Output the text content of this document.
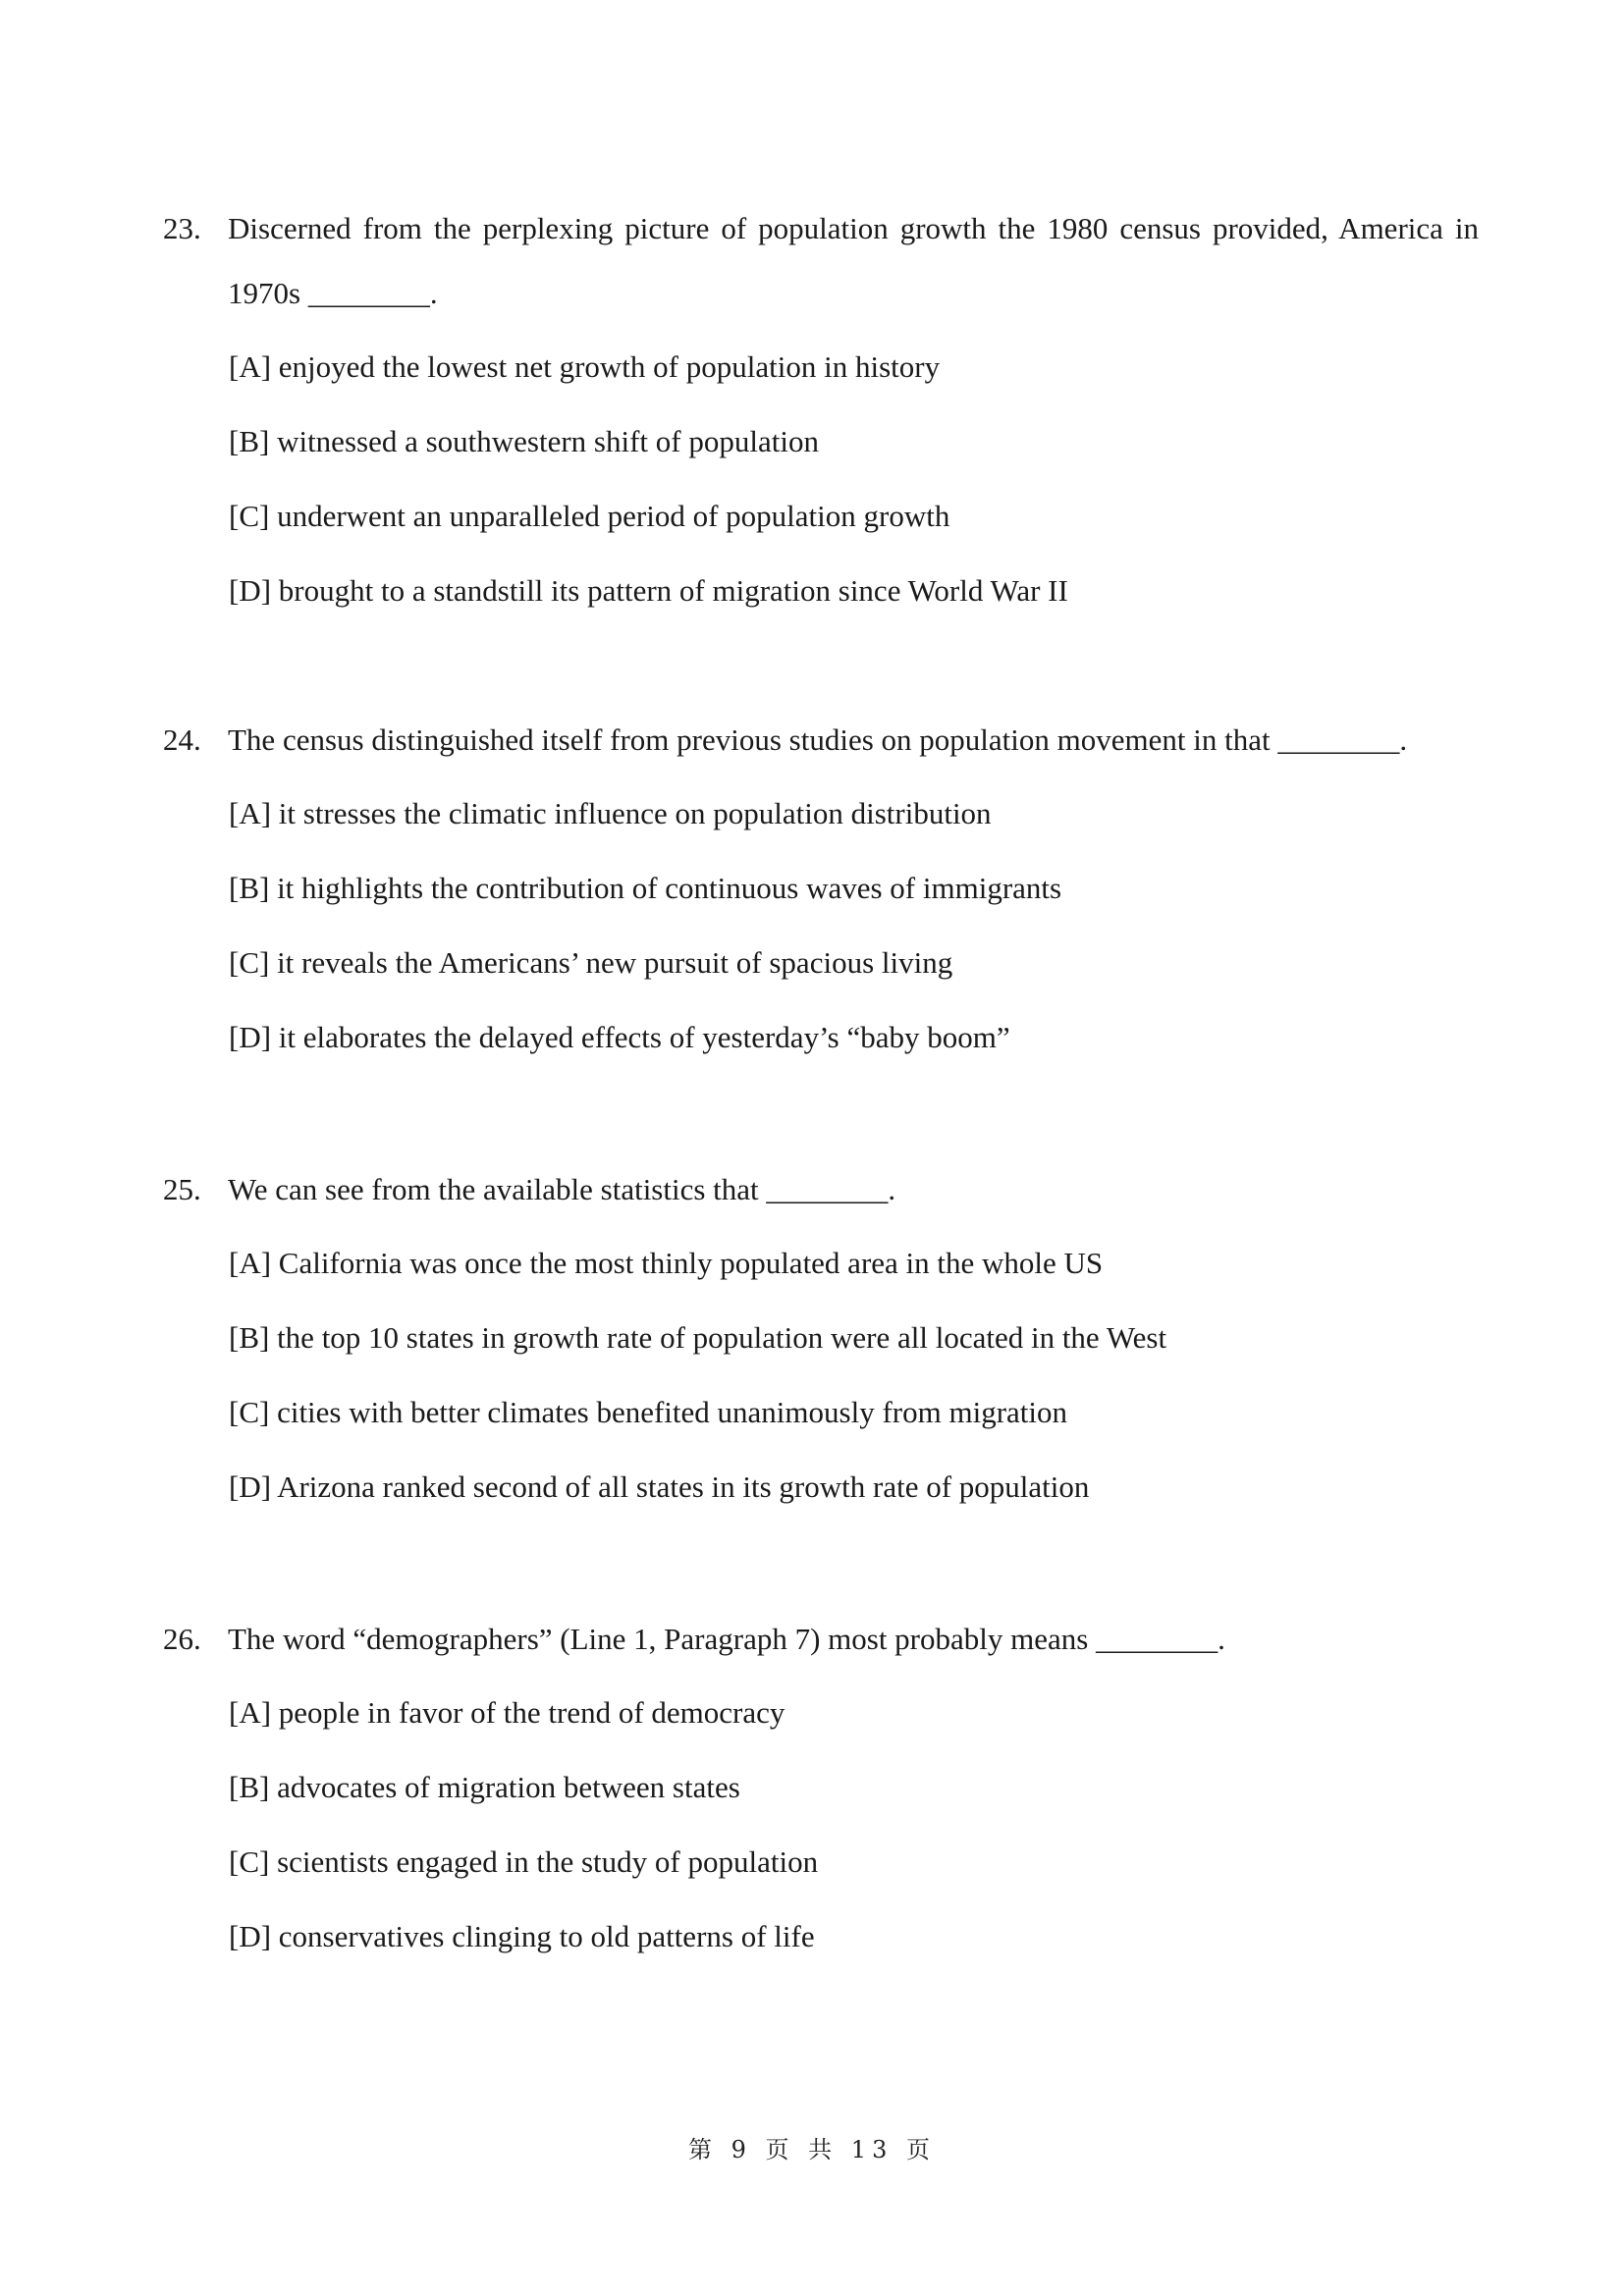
23. Discerned from the perplexing picture of population growth the 1980 census provided, America in 1970s ________.
[A] enjoyed the lowest net growth of population in history
[B] witnessed a southwestern shift of population
[C] underwent an unparalleled period of population growth
[D] brought to a standstill its pattern of migration since World War II
24. The census distinguished itself from previous studies on population movement in that ________.
[A] it stresses the climatic influence on population distribution
[B] it highlights the contribution of continuous waves of immigrants
[C] it reveals the Americans’ new pursuit of spacious living
[D] it elaborates the delayed effects of yesterday’s “baby boom”
25. We can see from the available statistics that ________.
[A] California was once the most thinly populated area in the whole US
[B] the top 10 states in growth rate of population were all located in the West
[C] cities with better climates benefited unanimously from migration
[D] Arizona ranked second of all states in its growth rate of population
26. The word “demographers” (Line 1, Paragraph 7) most probably means ________.
[A] people in favor of the trend of democracy
[B] advocates of migration between states
[C] scientists engaged in the study of population
[D] conservatives clinging to old patterns of life
第 9 页 共 13 页
